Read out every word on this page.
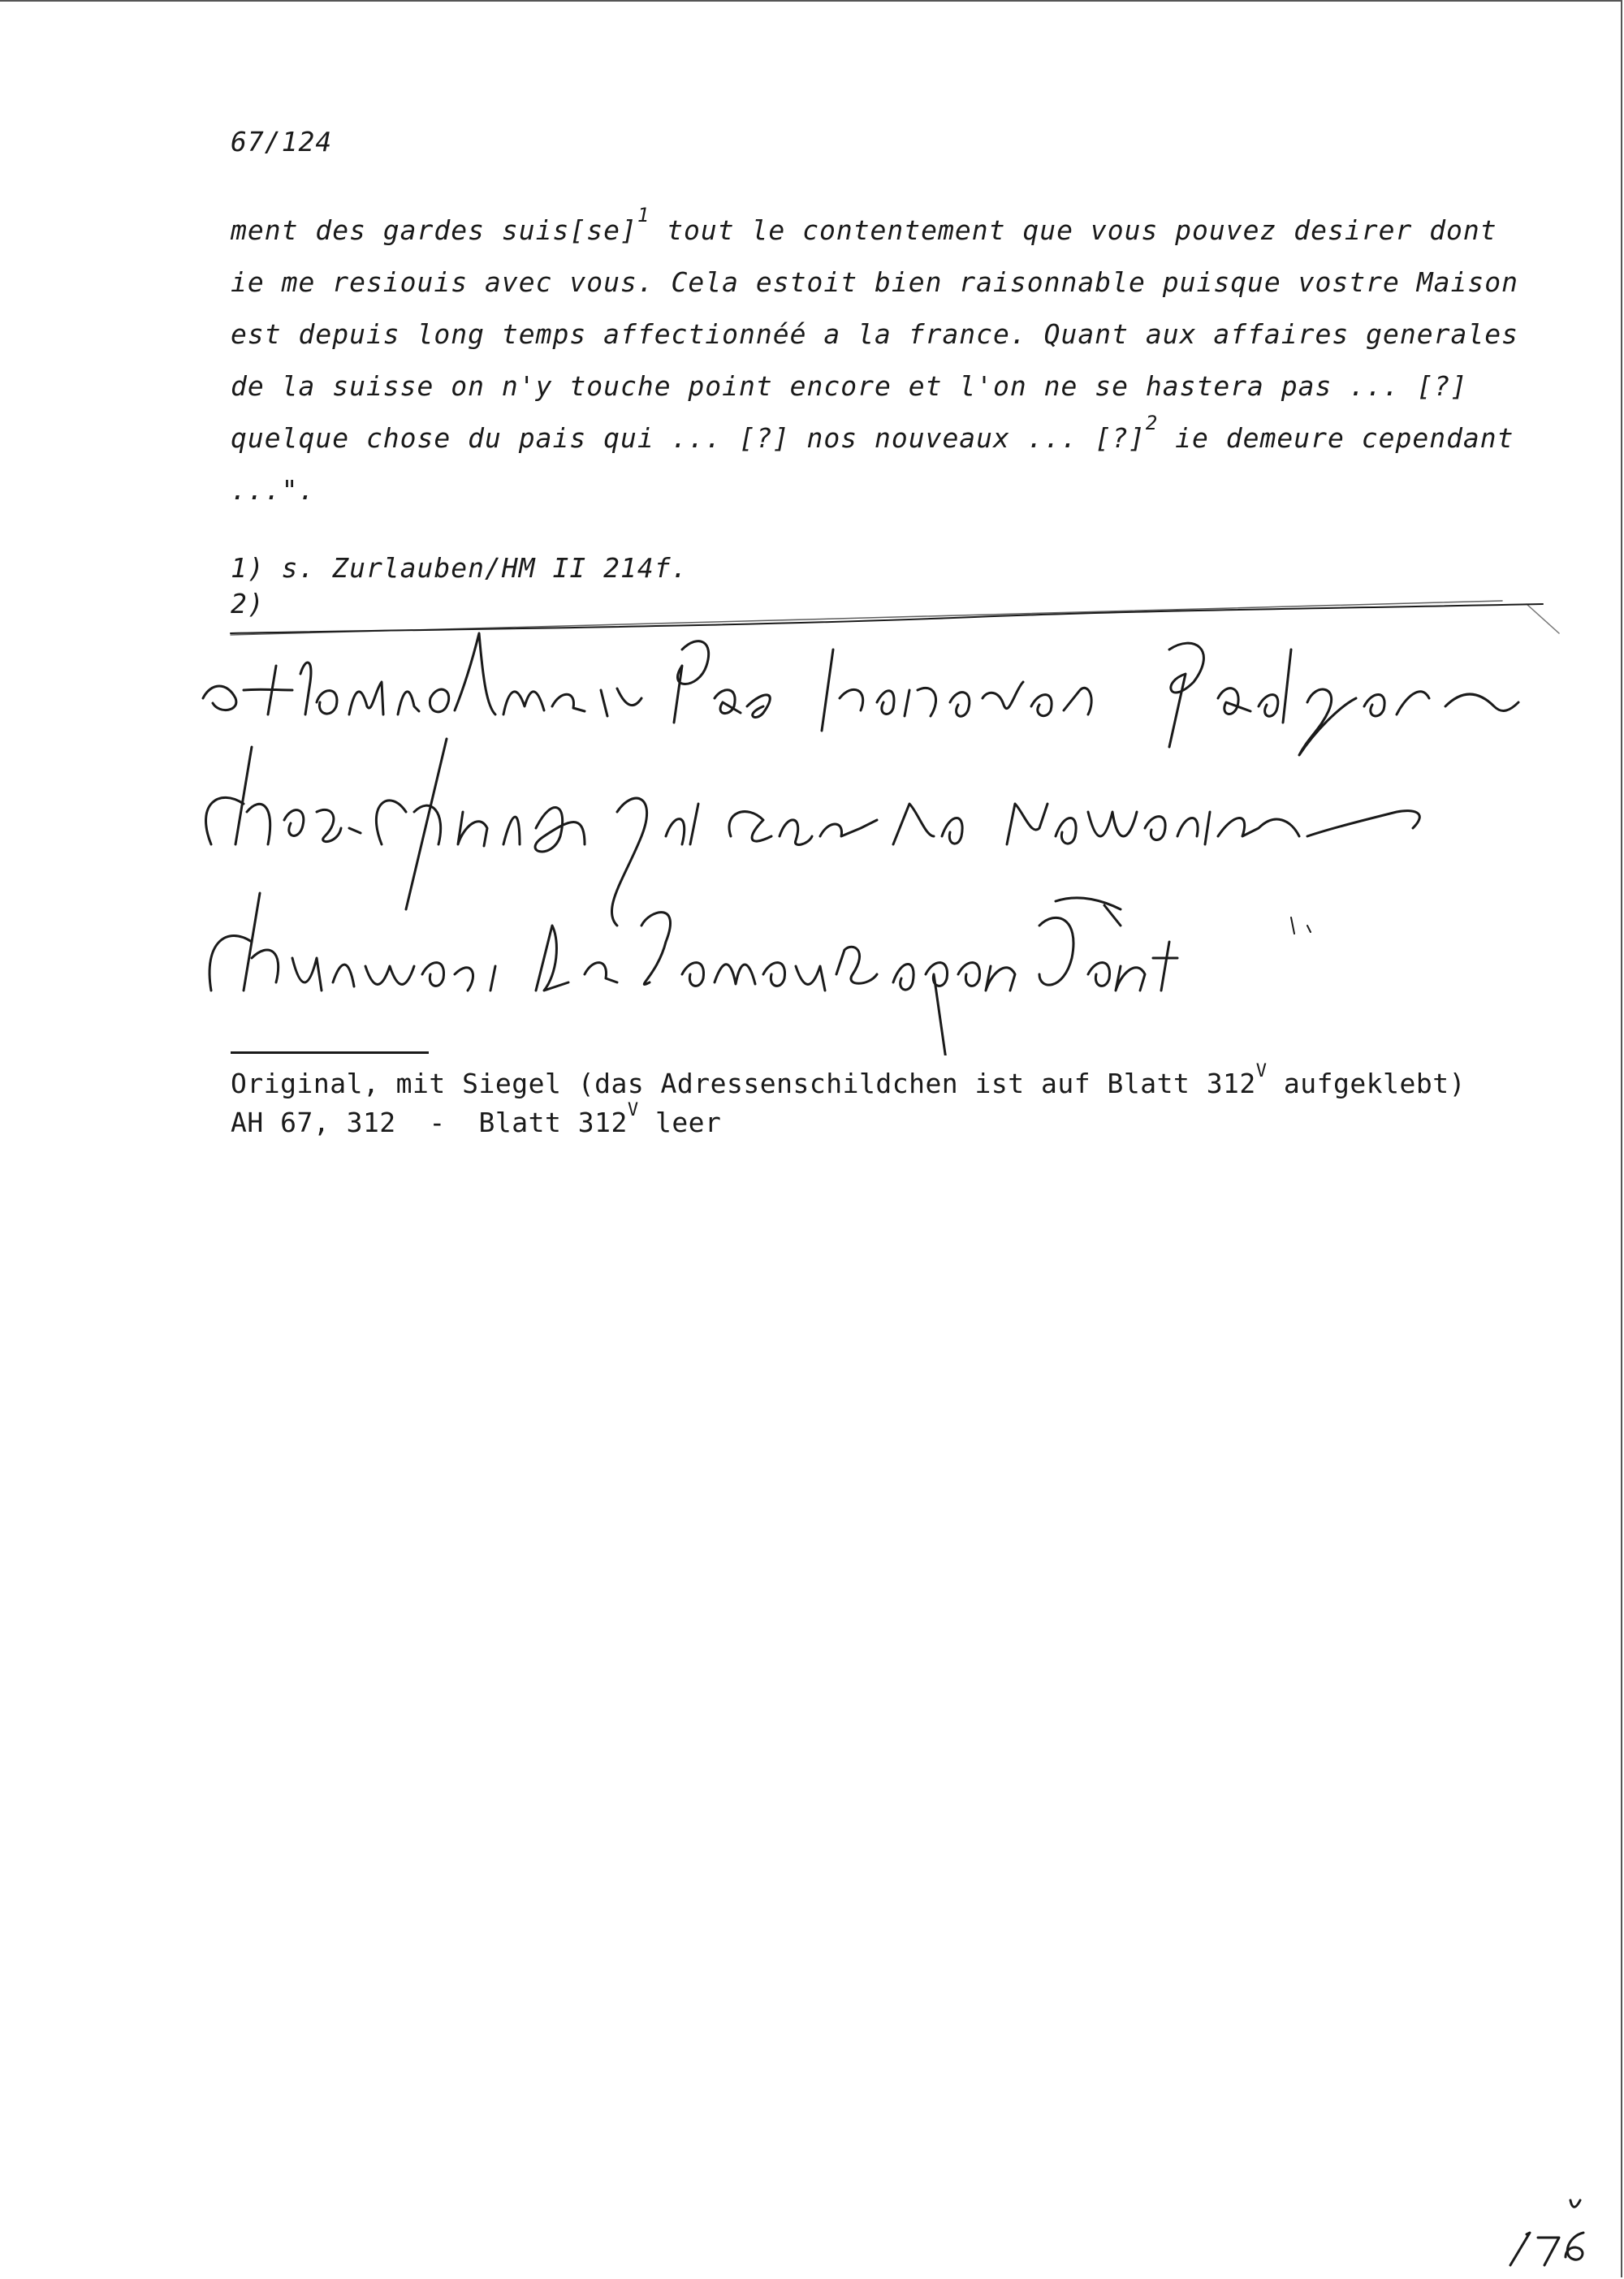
67/124
ment des gardes suis[se]$^1$ tout le contentement que vous pouvez desirer dont
ie me resiouis avec vous. Cela estoit bien raisonnable puisque vostre Maison
est depuis long temps affectionnéé a la france. Quant aux affaires generales
de la suisse on n'y touche point encore et l'on ne se hastera pas ... [?]
quelque chose du pais qui ... [?] nos nouveaux ... [?]$^2$ ie demeure cependant
...".
1) s. Zurlauben/HM II 214f.
2)
Original, mit Siegel (das Adressenschildchen ist auf Blatt 312$^V$ aufgeklebt)
AH 67, 312  -  Blatt 312$^V$ leer
